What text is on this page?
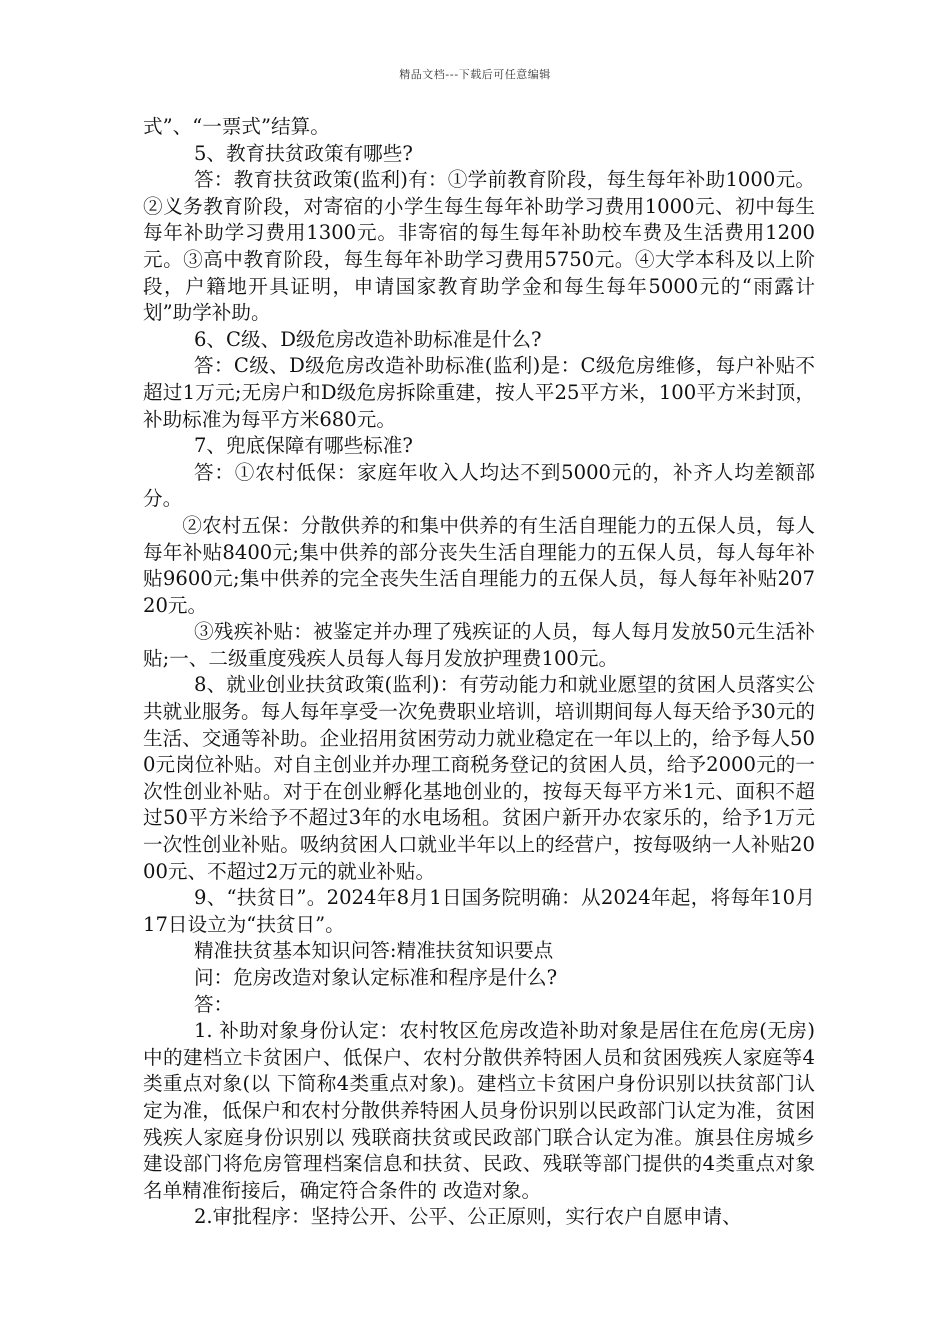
精品文档---下载后可任意编辑

式”、“一票式”结算。

5、教育扶贫政策有哪些?

答：教育扶贫政策(监利)有：①学前教育阶段，每生每年补助1000元。②义务教育阶段，对寄宿的小学生每生每年补助学习费用1000元、初中每生每年补助学习费用1300元。非寄宿的每生每年补助校车费及生活费用1200元。③高中教育阶段，每生每年补助学习费用5750元。④大学本科及以上阶段，户籍地开具证明，申请国家教育助学金和每生每年5000元的“雨露计划”助学补助。

6、C级、D级危房改造补助标准是什么?

答：C级、D级危房改造补助标准(监利)是：C级危房维修，每户补贴不超过1万元;无房户和D级危房拆除重建，按人平25平方米，100平方米封顶，补助标准为每平方米680元。

7、兜底保障有哪些标准?

答：①农村低保：家庭年收入人均达不到5000元的，补齐人均差额部分。

②农村五保：分散供养的和集中供养的有生活自理能力的五保人员，每人每年补贴8400元;集中供养的部分丧失生活自理能力的五保人员，每人每年补贴9600元;集中供养的完全丧失生活自理能力的五保人员，每人每年补贴20720元。

③残疾补贴：被鉴定并办理了残疾证的人员，每人每月发放50元生活补贴;一、二级重度残疾人员每人每月发放护理费100元。

8、就业创业扶贫政策(监利)：有劳动能力和就业愿望的贫困人员落实公共就业服务。每人每年享受一次免费职业培训，培训期间每人每天给予30元的生活、交通等补助。企业招用贫困劳动力就业稳定在一年以上的，给予每人500元岗位补贴。对自主创业并办理工商税务登记的贫困人员，给予2000元的一次性创业补贴。对于在创业孵化基地创业的，按每天每平方米1元、面积不超过50平方米给予不超过3年的水电场租。贫困户新开办农家乐的，给予1万元一次性创业补贴。吸纳贫困人口就业半年以上的经营户，按每吸纳一人补贴2000元、不超过2万元的就业补贴。

9、“扶贫日”。2024年8月1日国务院明确：从2024年起，将每年10月17日设立为“扶贫日”。

精准扶贫基本知识问答:精准扶贫知识要点

问：危房改造对象认定标准和程序是什么?

答：

1. 补助对象身份认定：农村牧区危房改造补助对象是居住在危房(无房)中的建档立卡贫困户、低保户、农村分散供养特困人员和贫困残疾人家庭等4类重点对象(以 下简称4类重点对象)。建档立卡贫困户身份识别以扶贫部门认定为准，低保户和农村分散供养特困人员身份识别以民政部门认定为准，贫困残疾人家庭身份识别以 残联商扶贫或民政部门联合认定为准。旗县住房城乡建设部门将危房管理档案信息和扶贫、民政、残联等部门提供的4类重点对象名单精准衔接后，确定符合条件的 改造对象。

2.审批程序：坚持公开、公平、公正原则，实行农户自愿申请、
